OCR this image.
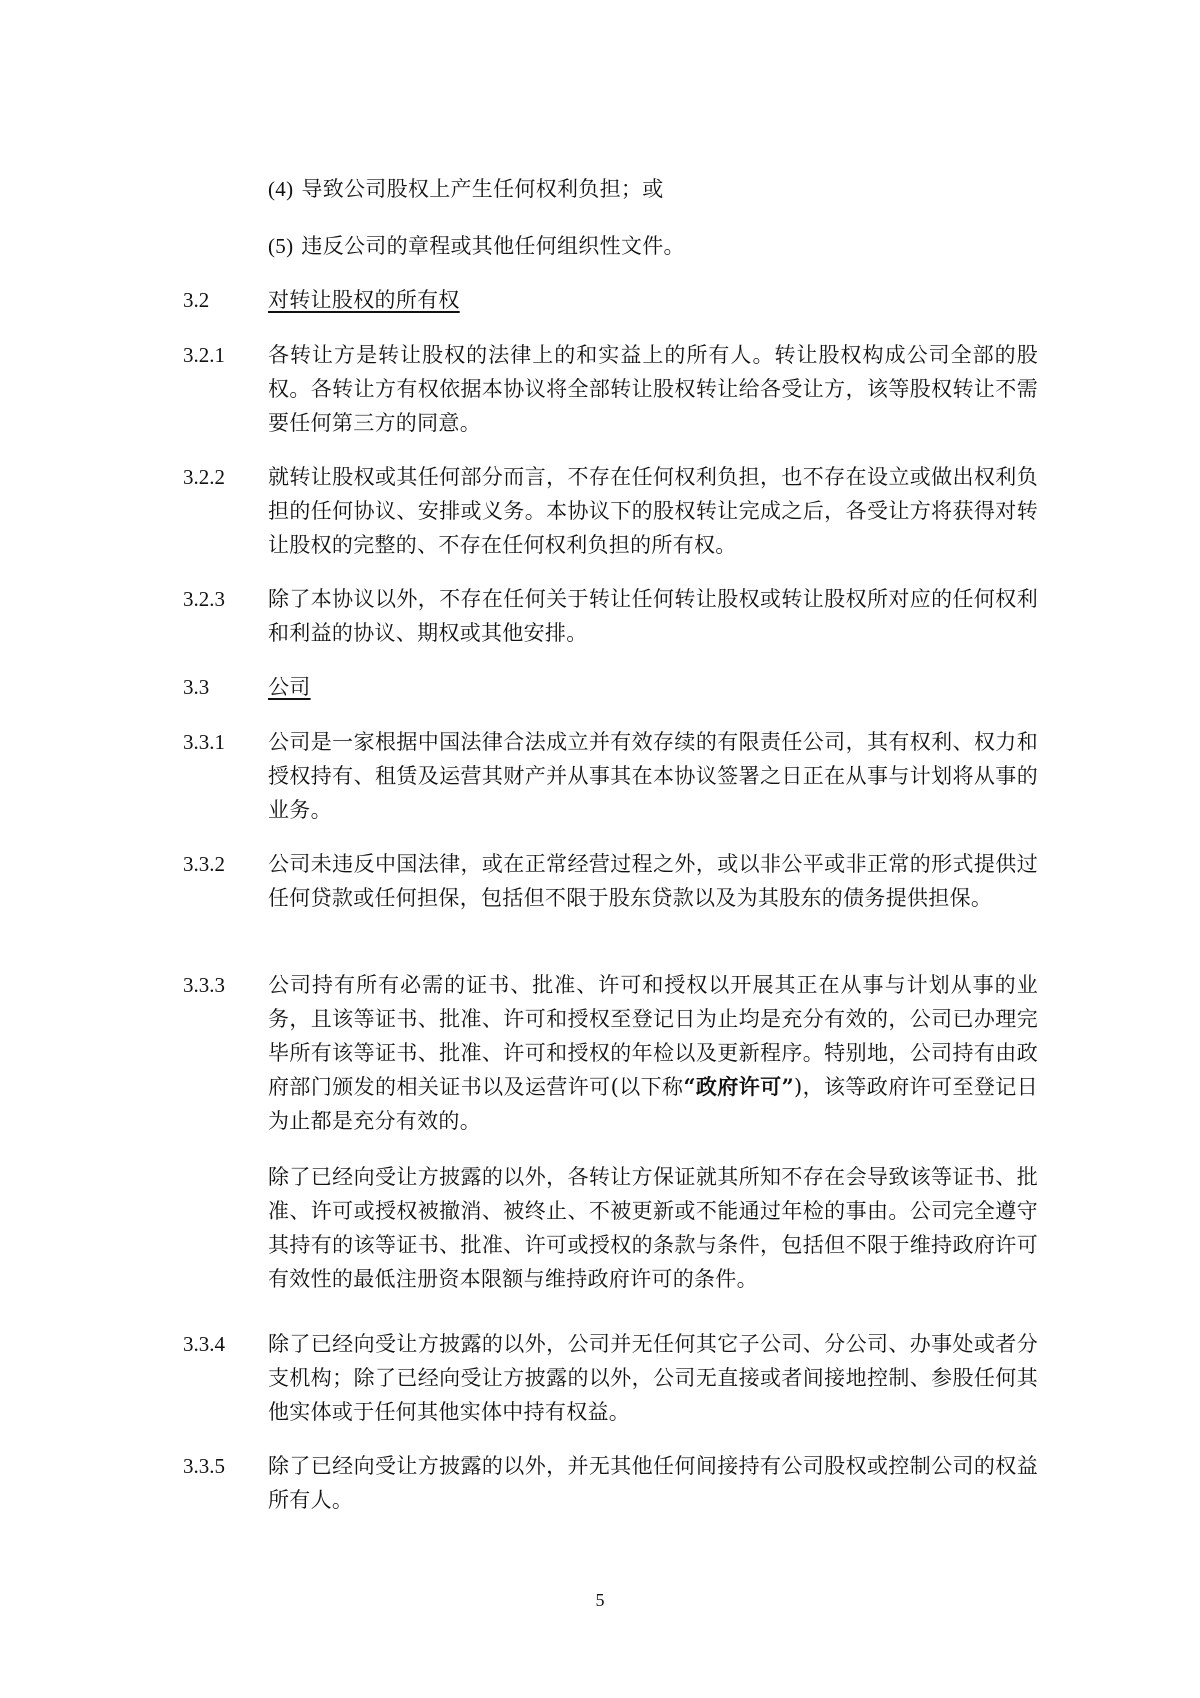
(4) 导致公司股权上产生任何权利负担；或
(5) 违反公司的章程或其他任何组织性文件。
3.2	对转让股权的所有权
3.2.1 各转让方是转让股权的法律上的和实益上的所有人。转让股权构成公司全部的股权。各转让方有权依据本协议将全部转让股权转让给各受让方，该等股权转让不需要任何第三方的同意。
3.2.2 就转让股权或其任何部分而言，不存在任何权利负担，也不存在设立或做出权利负担的任何协议、安排或义务。本协议下的股权转让完成之后，各受让方将获得对转让股权的完整的、不存在任何权利负担的所有权。
3.2.3 除了本协议以外，不存在任何关于转让任何转让股权或转让股权所对应的任何权利和利益的协议、期权或其他安排。
3.3	公司
3.3.1 公司是一家根据中国法律合法成立并有效存续的有限责任公司，其有权利、权力和授权持有、租赁及运营其财产并从事其在本协议签署之日正在从事与计划将从事的业务。
3.3.2 公司未违反中国法律，或在正常经营过程之外，或以非公平或非正常的形式提供过任何贷款或任何担保，包括但不限于股东贷款以及为其股东的债务提供担保。
3.3.3 公司持有所有必需的证书、批准、许可和授权以开展其正在从事与计划从事的业务，且该等证书、批准、许可和授权至登记日为止均是充分有效的，公司已办理完毕所有该等证书、批准、许可和授权的年检以及更新程序。特别地，公司持有由政府部门颁发的相关证书以及运营许可(以下称“政府许可”)，该等政府许可至登记日为止都是充分有效的。
除了已经向受让方披露的以外，各转让方保证就其所知不存在会导致该等证书、批准、许可或授权被撤消、被终止、不被更新或不能通过年检的事由。公司完全遵守其持有的该等证书、批准、许可或授权的条款与条件，包括但不限于维持政府许可有效性的最低注册资本限额与维持政府许可的条件。
3.3.4 除了已经向受让方披露的以外，公司并无任何其它子公司、分公司、办事处或者分支机构；除了已经向受让方披露的以外，公司无直接或者间接地控制、参股任何其他实体或于任何其他实体中持有权益。
3.3.5 除了已经向受让方披露的以外，并无其他任何间接持有公司股权或控制公司的权益所有人。
5
